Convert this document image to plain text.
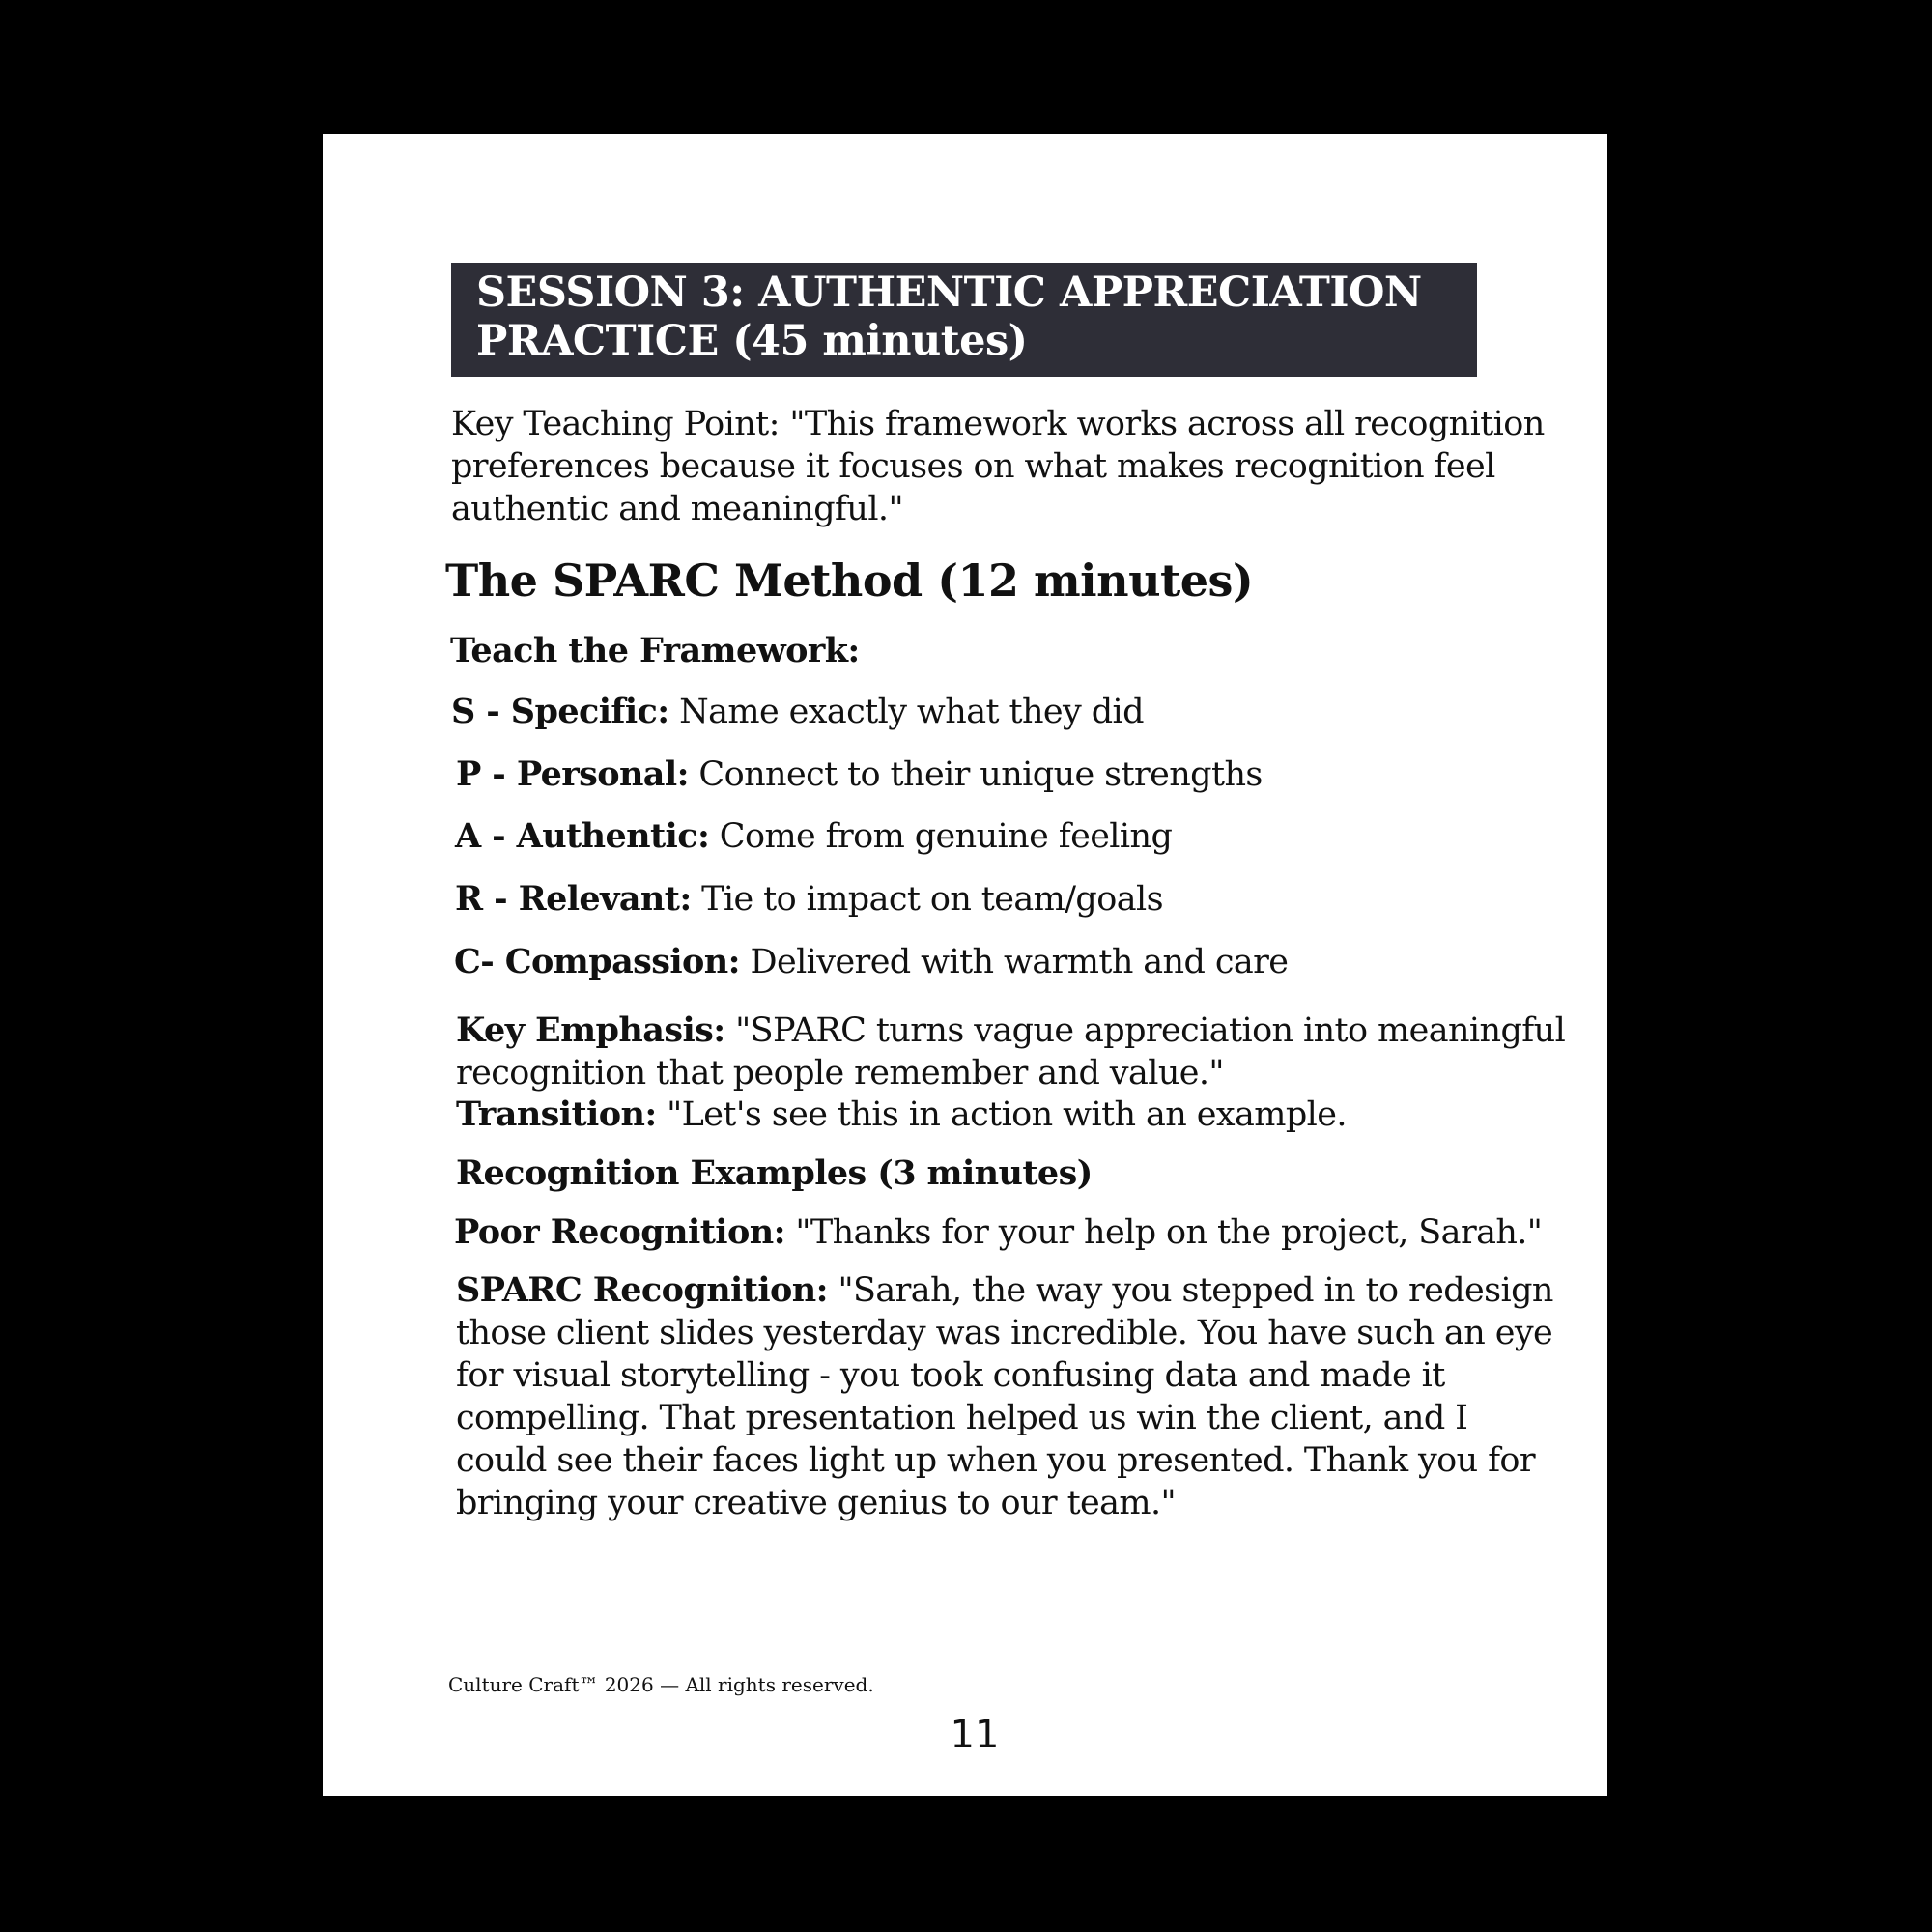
SESSION 3: AUTHENTIC APPRECIATION
PRACTICE (45 minutes)
Key Teaching Point: "This framework works across all recognition
preferences because it focuses on what makes recognition feel
authentic and meaningful."
The SPARC Method (12 minutes)
Teach the Framework:
S - Specific: Name exactly what they did
P - Personal: Connect to their unique strengths
A - Authentic: Come from genuine feeling
R - Relevant: Tie to impact on team/goals
C- Compassion: Delivered with warmth and care
Key Emphasis: "SPARC turns vague appreciation into meaningful
recognition that people remember and value."
Transition: "Let's see this in action with an example.
Recognition Examples (3 minutes)
Poor Recognition: "Thanks for your help on the project, Sarah."
SPARC Recognition: "Sarah, the way you stepped in to redesign
those client slides yesterday was incredible. You have such an eye
for visual storytelling - you took confusing data and made it
compelling. That presentation helped us win the client, and I
could see their faces light up when you presented. Thank you for
bringing your creative genius to our team."
Culture Craft™ 2026 — All rights reserved.
11
